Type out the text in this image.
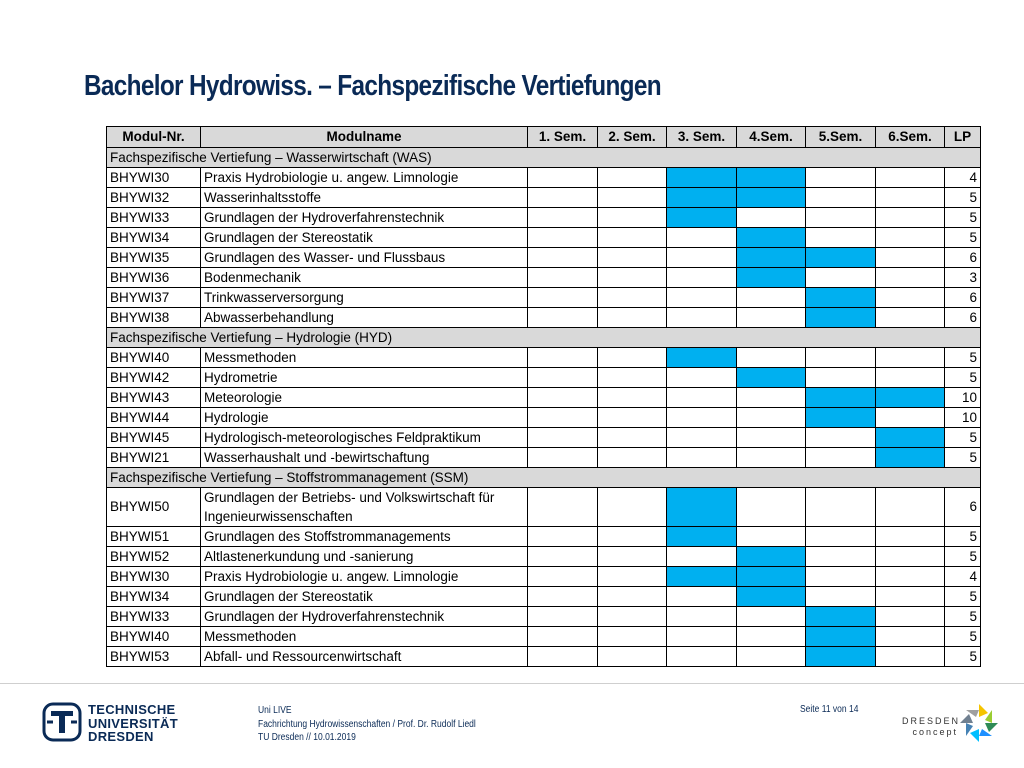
Bachelor Hydrowiss. – Fachspezifische Vertiefungen
Modul-Nr.	Modulname	1. Sem.	2. Sem.	3. Sem.	4.Sem.	5.Sem.	6.Sem.	LP
Fachspezifische Vertiefung – Wasserwirtschaft (WAS)								
BHYWI30	Praxis Hydrobiologie u. angew. Limnologie							4
BHYWI32	Wasserinhaltsstoffe							5
BHYWI33	Grundlagen der Hydroverfahrenstechnik							5
BHYWI34	Grundlagen der Stereostatik							5
BHYWI35	Grundlagen des Wasser- und Flussbaus							6
BHYWI36	Bodenmechanik							3
BHYWI37	Trinkwasserversorgung							6
BHYWI38	Abwasserbehandlung							6
Fachspezifische Vertiefung – Hydrologie (HYD)								
BHYWI40	Messmethoden							5
BHYWI42	Hydrometrie							5
BHYWI43	Meteorologie							10
BHYWI44	Hydrologie							10
BHYWI45	Hydrologisch-meteorologisches Feldpraktikum							5
BHYWI21	Wasserhaushalt und -bewirtschaftung							5
Fachspezifische Vertiefung – Stoffstrommanagement (SSM)								
BHYWI50	Grundlagen der Betriebs- und Volkswirtschaft für Ingenieurwissenschaften							6
BHYWI51	Grundlagen des Stoffstrommanagements							5
BHYWI52	Altlastenerkundung und -sanierung							5
BHYWI30	Praxis Hydrobiologie u. angew. Limnologie							4
BHYWI34	Grundlagen der Stereostatik							5
BHYWI33	Grundlagen der Hydroverfahrenstechnik							5
BHYWI40	Messmethoden							5
BHYWI53	Abfall- und Ressourcenwirtschaft							5
TECHNISCHE
UNIVERSITÄT
DRESDEN
Uni LIVE
Fachrichtung Hydrowissenschaften / Prof. Dr. Rudolf Liedl
TU Dresden // 10.01.2019
Seite 11 von 14
DRESDEN
concept
